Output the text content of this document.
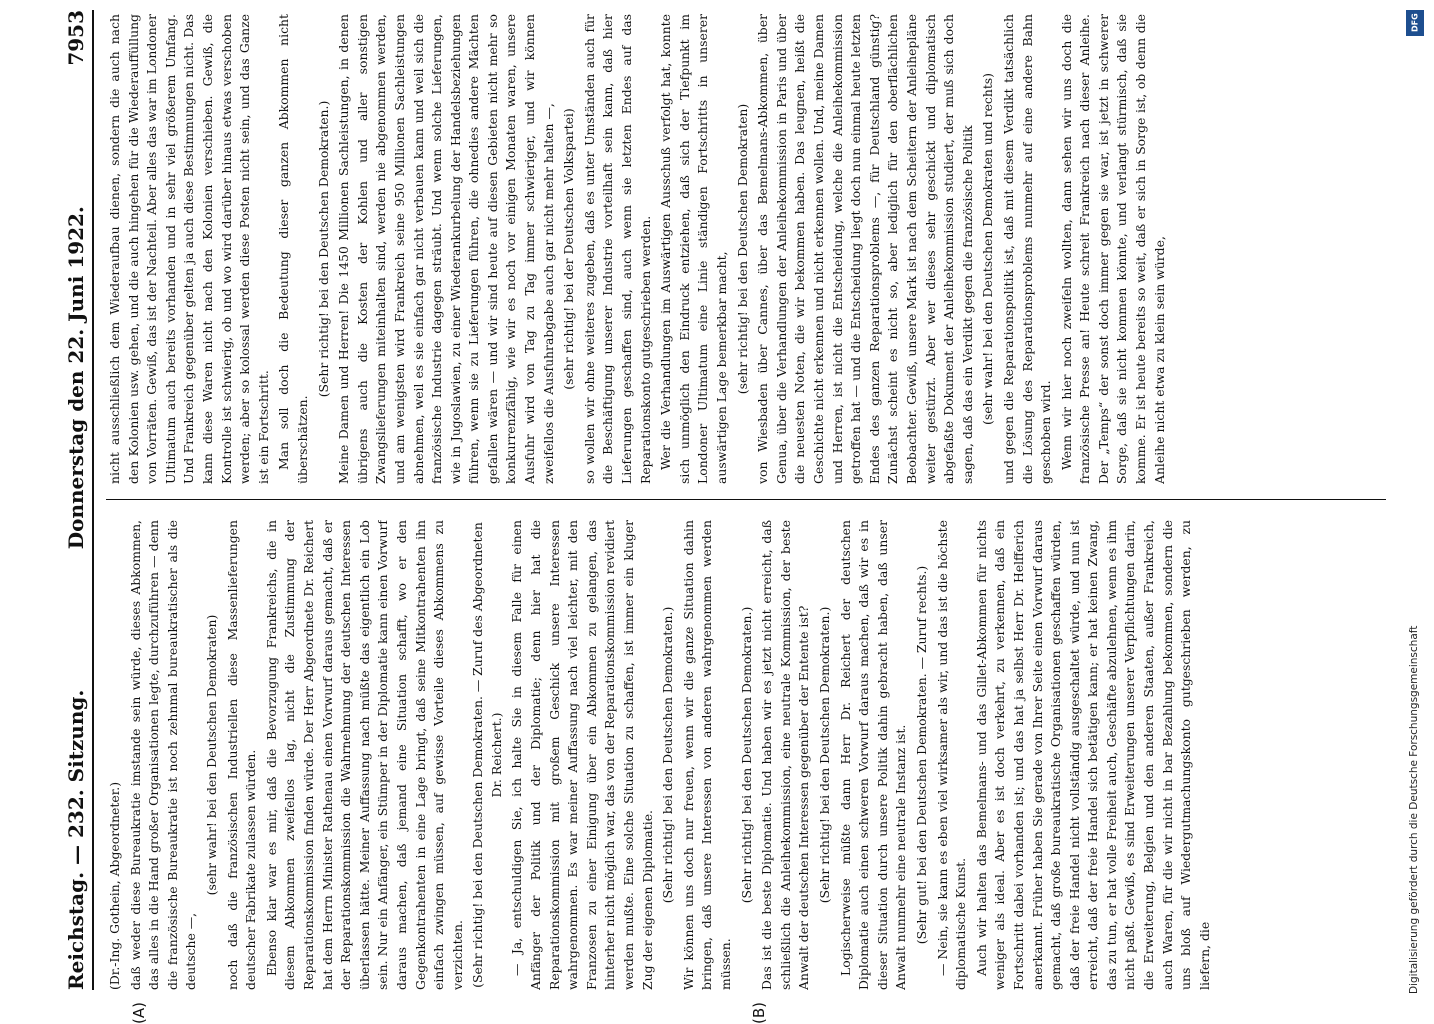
Reichstag. — 232. Sitzung.
Donnerstag den 22. Juni 1922.
7953
(A)	(B)

(Dr.-Ing. Gothein, Abgeordneter.) daß weder diese Bureaukratie imstande sein würde, dieses Abkommen, das alles in die Hand großer Organisationen legte, durchzuführen — denn die französische Bureaukratie ist noch zehnmal bureaukratischer als die deutsche —,

(sehr wahr! bei den Deutschen Demokraten) noch daß die französischen Industriellen diese Massenlieferungen deutscher Fabrikate zulassen würden. Ebenso klar war es mir, daß die Bevorzugung Frankreichs, die in diesem Abkommen zweifellos lag, nicht die Zustimmung der Reparationskommission finden würde. Der Herr Abgeordnete Dr. Reichert hat dem Herrn Minister Rathenau einen Vorwurf daraus gemacht, daß er der Reparationskommission die Wahrnehmung der deutschen Interessen überlassen hätte. Meiner Auffassung nach müßte das eigentlich ein Lob sein. Nur ein Anfänger, ein Stümper in der Diplomatie kann einen Vorwurf daraus machen, daß jemand eine Situation schafft, wo er den Gegenkontrahenten in eine Lage bringt, daß seine Mitkontrahenten ihn einfach zwingen müssen, auf gewisse Vorteile dieses Abkommens zu verzichten. (Sehr richtig! bei den Deutschen Demokraten. — Zuruf des Abgeordneten Dr. Reichert.) — Ja, entschuldigen Sie, ich halte Sie in diesem Falle für einen Anfänger der Politik und der Diplomatie; denn hier hat die Reparationskommission mit großem Geschick unsere Interessen wahrgenommen. Es war meiner Auffassung nach viel leichter, mit den Franzosen zu einer Einigung über ein Abkommen zu gelangen, das hinterher nicht möglich war, das von der Reparationskommission revidiert werden mußte. Eine solche Situation zu schaffen, ist immer ein kluger Zug der eigenen Diplomatie. (Sehr richtig! bei den Deutschen Demokraten.) Wir können uns doch nur freuen, wenn wir die ganze Situation dahin bringen, daß unsere Interessen von anderen wahrgenommen werden müssen.

(Sehr richtig! bei den Deutschen Demokraten.) Das ist die beste Diplomatie. Und haben wir es jetzt nicht erreicht, daß schließlich die Anleihekommission, eine neutrale Kommission, der beste Anwalt der deutschen Interessen gegenüber der Entente ist? (Sehr richtig! bei den Deutschen Demokraten.) Logischerweise müßte dann Herr Dr. Reichert der deutschen Diplomatie auch einen schweren Vorwurf daraus machen, daß wir es in dieser Situation durch unsere Politik dahin gebracht haben, daß unser Anwalt nunmehr eine neutrale Instanz ist. (Sehr gut! bei den Deutschen Demokraten. — Zuruf rechts.) — Nein, sie kann es eben viel wirksamer als wir, und das ist die höchste diplomatische Kunst. Auch wir halten das Bemelmans- und das Gillet-Abkommen für nichts weniger als ideal. Aber es ist doch verkehrt, zu verkennen, daß ein Fortschritt dabei vorhanden ist; und das hat ja selbst Herr Dr. Helfferich anerkannt. Früher haben Sie gerade von Ihrer Seite einen Vorwurf daraus gemacht, daß große bureaukratische Organisationen geschaffen würden, daß der freie Handel nicht vollständig ausgeschaltet würde, und nun ist erreicht, daß der freie Handel sich betätigen kann; er hat keinen Zwang, das zu tun, er hat volle Freiheit auch, Geschäfte abzulehnen, wenn es ihm nicht paßt. Gewiß, es sind Erweiterungen unserer Verpflichtungen darin, die Erweiterung, Belgien und den anderen Staaten, außer Frankreich, auch Waren, für die wir nicht in bar Bezahlung bekommen, sondern die uns bloß auf Wiedergutmachungskonto gutgeschrieben werden, zu liefern, die

nicht ausschließlich dem Wiederaufbau dienen, sondern die auch nach den Kolonien usw. gehen, und die auch hingehen für die Wiederauffüllung von Vorräten. Gewiß, das ist der Nachteil. Aber alles das war im Londoner Ultimatum auch bereits vorhanden und in sehr viel größerem Umfang. Und Frankreich gegenüber gelten ja auch diese Bestimmungen nicht. Das kann diese Waren nicht nach den Kolonien verschieben. Gewiß, die Kontrolle ist schwierig, ob und wo wird darüber hinaus etwas verschoben werden; aber so kolossal werden diese Posten nicht sein, und das Ganze ist ein Fortschritt. Man soll doch die Bedeutung dieser ganzen Abkommen nicht überschätzen.

(Sehr richtig! bei den Deutschen Demokraten.) Meine Damen und Herren! Die 1450 Millionen Sachleistungen, in denen übrigens auch die Kosten der Kohlen und aller sonstigen Zwangslieferungen miteinhalten sind, werden nie abgenommen werden, und am wenigsten wird Frankreich seine 950 Millionen Sachleistungen abnehmen, weil es sie einfach gar nicht verbauen kann und weil sich die französische Industrie dagegen sträubt. Und wenn solche Lieferungen, wie in Jugoslawien, zu einer Wiederankurbelung der Handelsbeziehungen führen, wenn sie zu Lieferungen führen, die ohnedies andere Mächten gefallen wären — und wir sind heute auf diesen Gebieten nicht mehr so konkurrenzfähig, wie wir es noch vor einigen Monaten waren, unsere Ausfuhr wird von Tag zu Tag immer schwieriger, und wir können zweifellos die Ausfuhrabgabe auch gar nicht mehr halten —, (sehr richtig! bei der Deutschen Volkspartei) so wollen wir ohne weiteres zugeben, daß es unter Umständen auch für die Beschäftigung unserer Industrie vorteilhaft sein kann, daß hier Lieferungen geschaffen sind, auch wenn sie letzten Endes auf das Reparationskonto gutgeschrieben werden. Wer die Verhandlungen im Auswärtigen Ausschuß verfolgt hat, konnte sich unmöglich den Eindruck entziehen, daß sich der Tiefpunkt im Londoner Ultimatum eine Linie ständigen Fortschritts in unserer auswärtigen Lage bemerkbar macht, (sehr richtig! bei den Deutschen Demokraten) von Wiesbaden über Cannes, über das Bemelmans-Abkommen, über Genua, über die Verhandlungen der Anleihekommission in Paris und über die neuesten Noten, die wir bekommen haben. Das leugnen, heißt die Geschichte nicht erkennen und nicht erkennen wollen. Und, meine Damen und Herren, ist nicht die Entscheidung, welche die Anleihekommission getroffen hat — und die Entscheidung liegt doch nun einmal heute letzten Endes des ganzen Reparationsproblems —, für Deutschland günstig? Zunächst scheint es nicht so, aber lediglich für den oberflächlichen Beobachter. Gewiß, unsere Mark ist nach dem Scheitern der Anleihepläne weiter gestürzt. Aber wer dieses sehr geschickt und diplomatisch abgefaßte Dokument der Anleihekommission studiert, der muß sich doch sagen, daß das ein Verdikt gegen die französische Politik (sehr wahr! bei den Deutschen Demokraten und rechts) und gegen die Reparationspolitik ist, daß mit diesem Verdikt tatsächlich die Lösung des Reparationsproblems nunmehr auf eine andere Bahn geschoben wird. Wenn wir hier noch zweifeln wollten, dann sehen wir uns doch die französische Presse an! Heute schreit Frankreich nach dieser Anleihe. Der „Temps“ der sonst doch immer gegen sie war, ist jetzt in schwerer Sorge, daß sie nicht kommen könnte, und verlangt stürmisch, daß sie komme. Er ist heute bereits so weit, daß er sich in Sorge ist, ob denn die Anleihe nicht etwa zu klein sein würde,

Digitalisierung gefördert durch die Deutsche Forschungsgemeinschaft
DFG
